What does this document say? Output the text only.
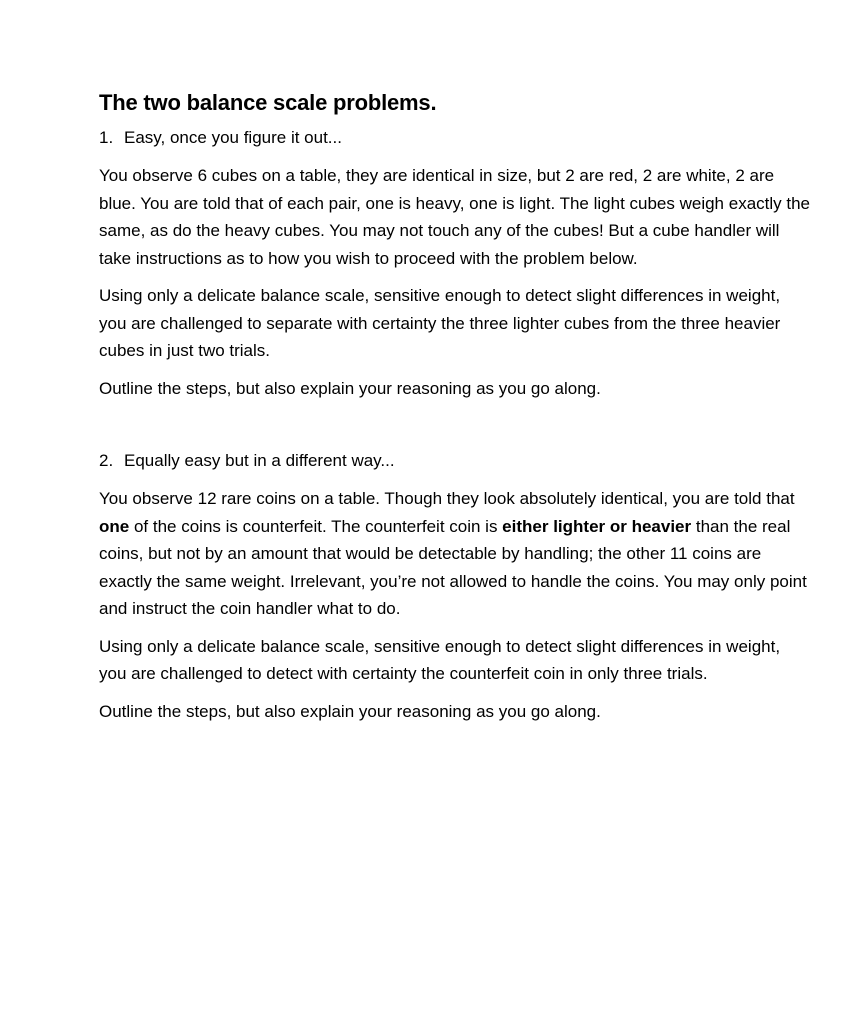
The two balance scale problems.
1. Easy, once you figure it out...

You observe 6 cubes on a table, they are identical in size, but 2 are red, 2 are white, 2 are blue. You are told that of each pair, one is heavy, one is light. The light cubes weigh exactly the same, as do the heavy cubes. You may not touch any of the cubes! But a cube handler will take instructions as to how you wish to proceed with the problem below.

Using only a delicate balance scale, sensitive enough to detect slight differences in weight, you are challenged to separate with certainty the three lighter cubes from the three heavier cubes in just two trials.

Outline the steps, but also explain your reasoning as you go along.

2. Equally easy but in a different way...

You observe 12 rare coins on a table. Though they look absolutely identical, you are told that one of the coins is counterfeit. The counterfeit coin is either lighter or heavier than the real coins, but not by an amount that would be detectable by handling; the other 11 coins are exactly the same weight. Irrelevant, you’re not allowed to handle the coins. You may only point and instruct the coin handler what to do.

Using only a delicate balance scale, sensitive enough to detect slight differences in weight, you are challenged to detect with certainty the counterfeit coin in only three trials.

Outline the steps, but also explain your reasoning as you go along.
